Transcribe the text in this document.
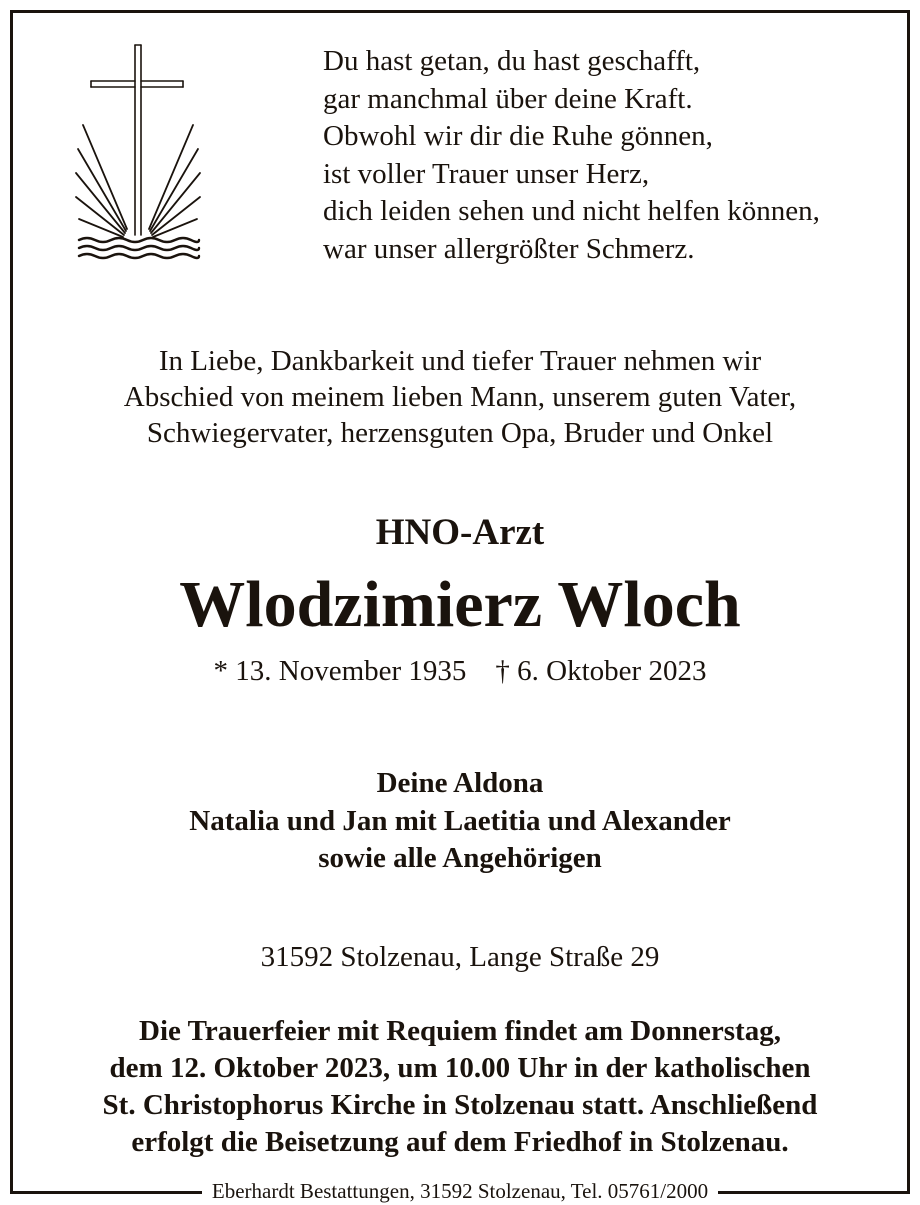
Du hast getan, du hast geschafft,
gar manchmal über deine Kraft.
Obwohl wir dir die Ruhe gönnen,
ist voller Trauer unser Herz,
dich leiden sehen und nicht helfen können,
war unser allergrößter Schmerz.
In Liebe, Dankbarkeit und tiefer Trauer nehmen wir
Abschied von meinem lieben Mann, unserem guten Vater,
Schwiegervater, herzensguten Opa, Bruder und Onkel
HNO-Arzt
Wlodzimierz Wloch
* 13. November 1935    † 6. Oktober 2023
Deine Aldona
Natalia und Jan mit Laetitia und Alexander
sowie alle Angehörigen
31592 Stolzenau, Lange Straße 29
Die Trauerfeier mit Requiem findet am Donnerstag,
dem 12. Oktober 2023, um 10.00 Uhr in der katholischen
St. Christophorus Kirche in Stolzenau statt. Anschließend
erfolgt die Beisetzung auf dem Friedhof in Stolzenau.
Eberhardt Bestattungen, 31592 Stolzenau, Tel. 05761/2000
